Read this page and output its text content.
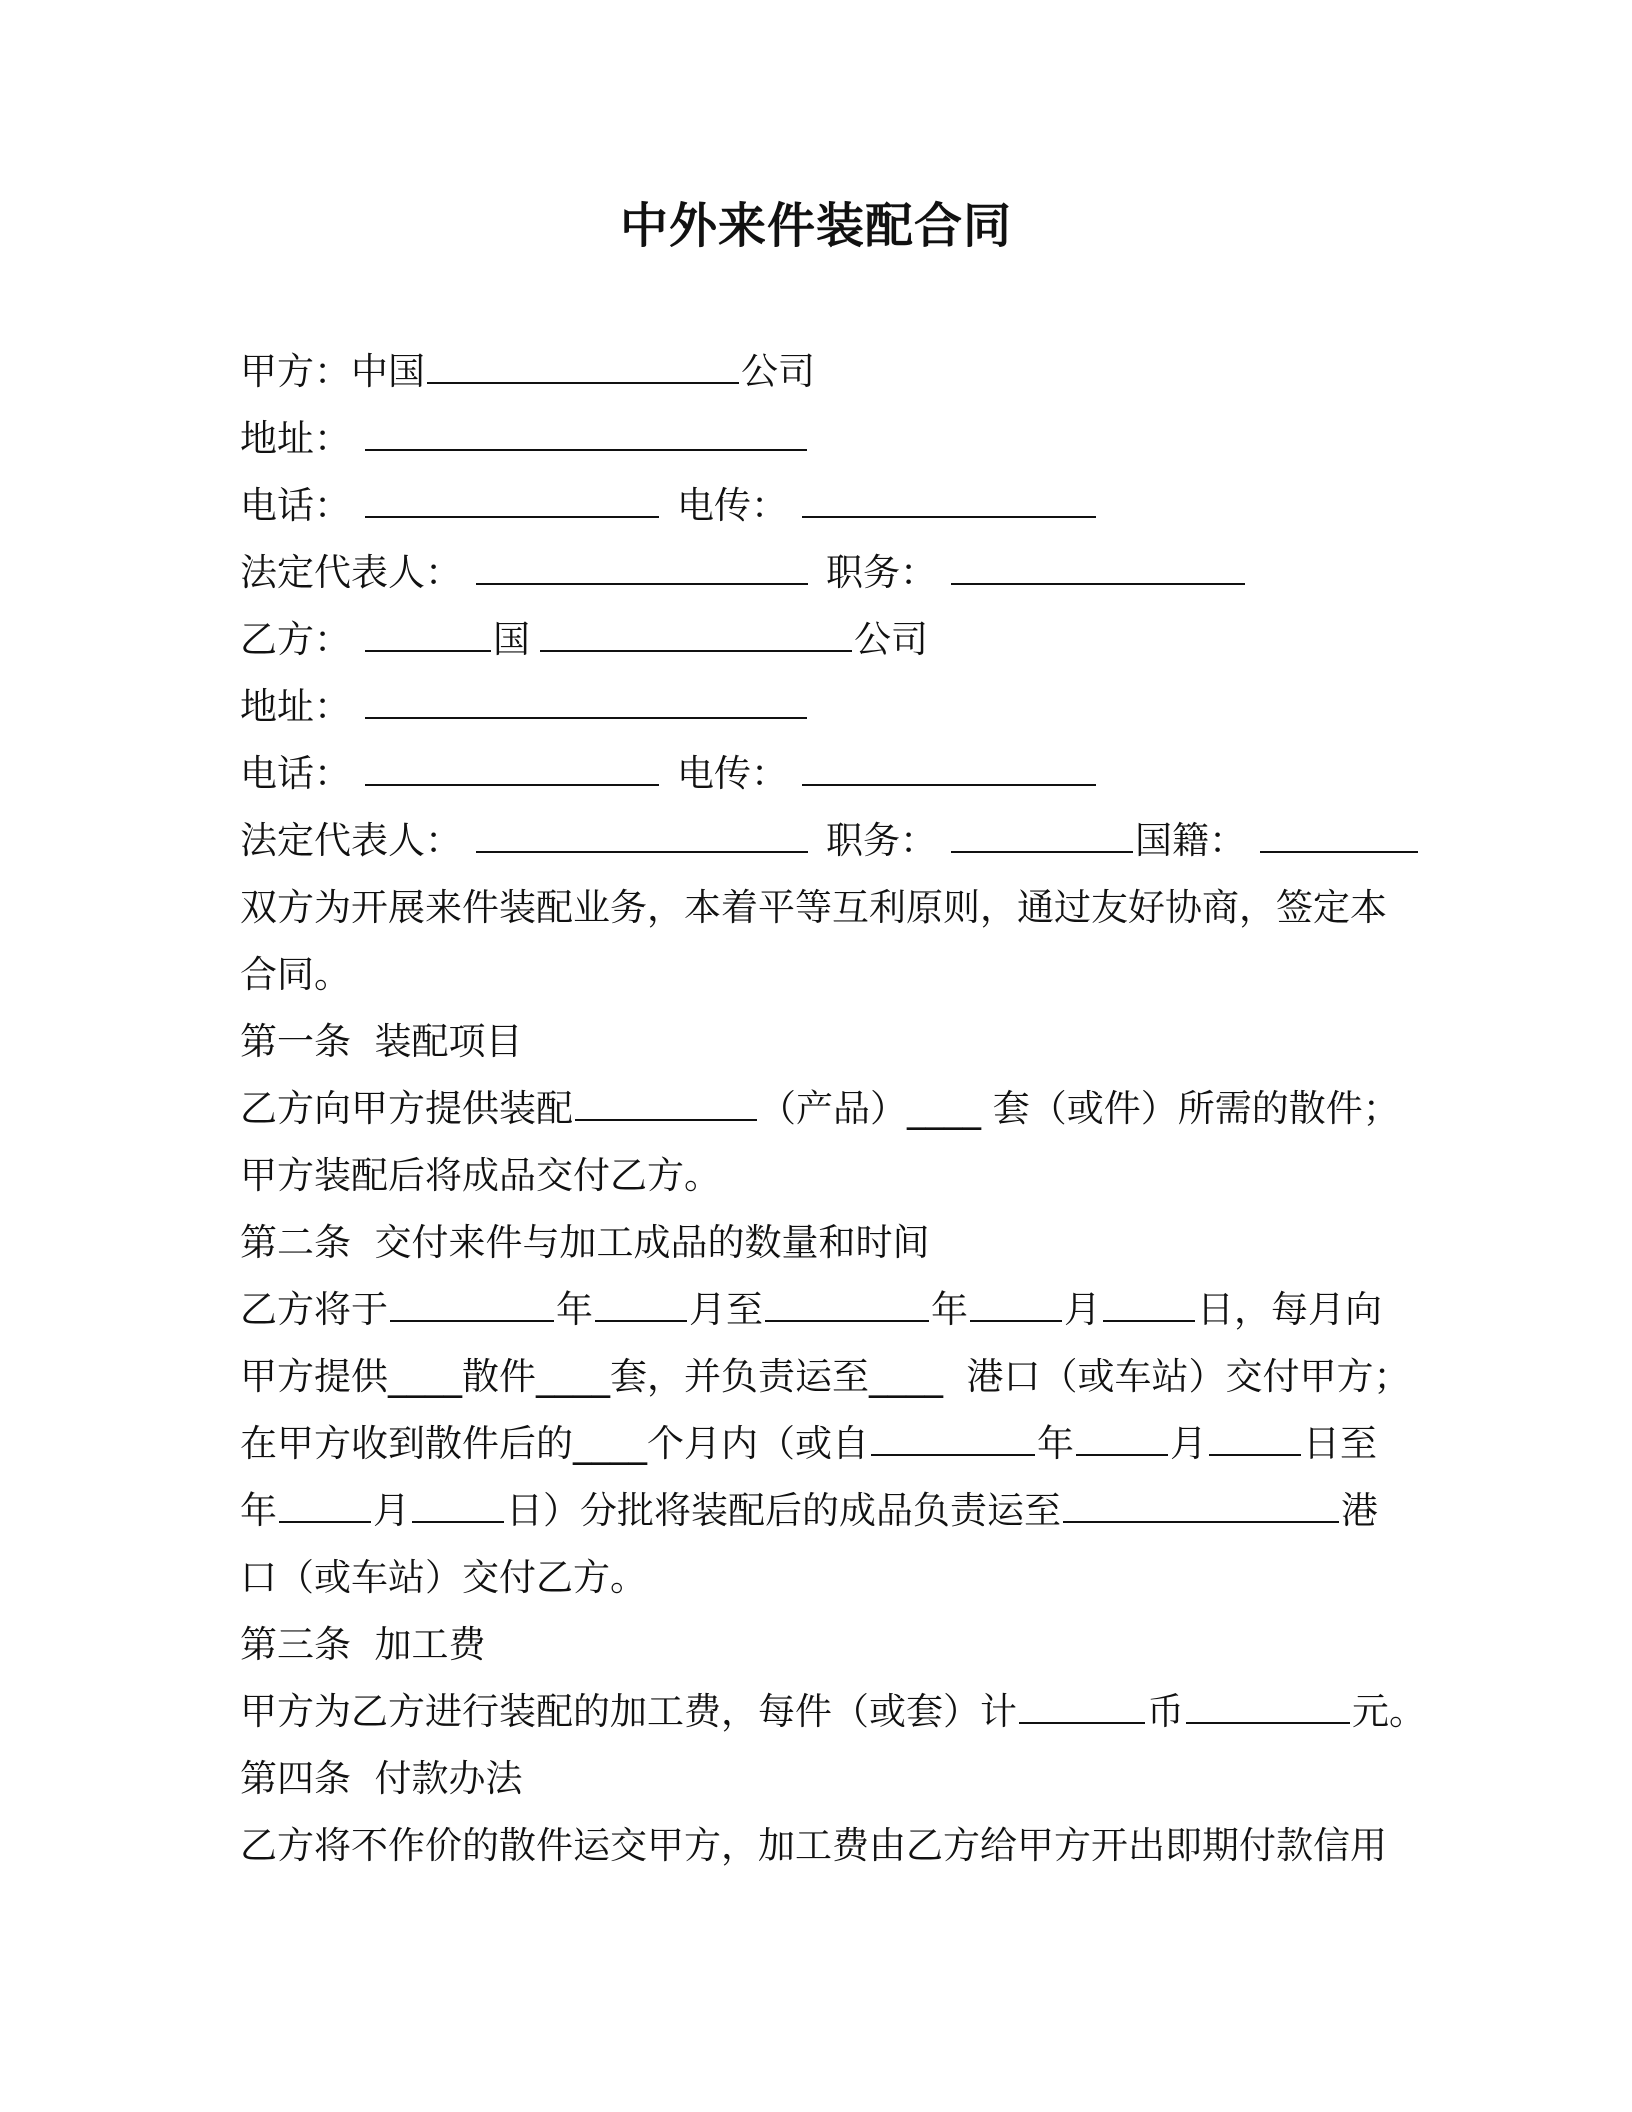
中外来件装配合同
甲方：中国	公司
地址：
电话：	电传：
法定代表人：	职务：
乙方：	国	公司
地址：
电话：	电传：
法定代表人：	职务：	国籍：
双方为开展来件装配业务，本着平等互利原则，通过友好协商，签定本
合同。
第一条  装配项目
乙方向甲方提供装配	（产品）____ 套（或件）所需的散件；
甲方装配后将成品交付乙方。
第二条  交付来件与加工成品的数量和时间
乙方将于	年	月至	年	月	日，每月向
甲方提供____散件____套，并负责运至____  港口（或车站）交付甲方；
在甲方收到散件后的____个月内（或自	年	月	日至
年	月	日）分批将装配后的成品负责运至	港
口（或车站）交付乙方。
第三条  加工费
甲方为乙方进行装配的加工费，每件（或套）计	币	元。
第四条  付款办法
乙方将不作价的散件运交甲方，加工费由乙方给甲方开出即期付款信用
